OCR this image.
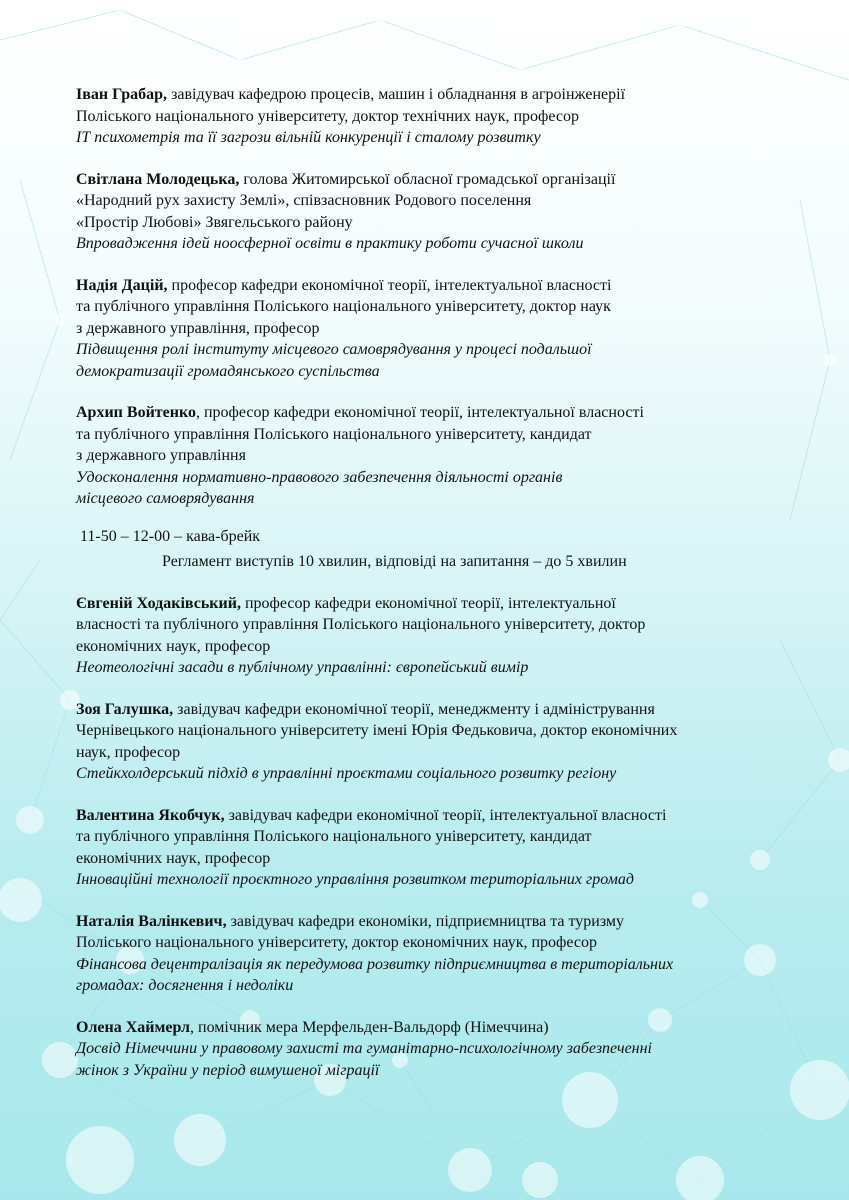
Іван Грабар, завідувач кафедрою процесів, машин і обладнання в агроінженерії
Поліського національного університету, доктор технічних наук, професор
ІТ психометрія та її загрози вільній конкуренції і сталому розвитку
Світлана Молодецька, голова Житомирської обласної громадської організації
«Народний рух захисту Землі», співзасновник Родового поселення
«Простір Любові» Звягельського району
Впровадження ідей ноосферної освіти в практику роботи сучасної школи
Надія Дацій, професор кафедри економічної теорії, інтелектуальної власності
та публічного управління Поліського національного університету, доктор наук
з державного управління, професор
Підвищення ролі інституту місцевого самоврядування у процесі подальшої
демократизації громадянського суспільства
Архип Войтенко, професор кафедри економічної теорії, інтелектуальної власності
та публічного управління Поліського національного університету, кандидат
з державного управління
Удосконалення нормативно-правового забезпечення діяльності органів
місцевого самоврядування
11-50 – 12-00 – кава-брейк
Регламент виступів 10 хвилин, відповіді на запитання – до 5 хвилин
Євгеній Ходаківський, професор кафедри економічної теорії, інтелектуальної
власності та публічного управління Поліського національного університету, доктор
економічних наук, професор
Неотеологічні засади в публічному управлінні: європейський вимір
Зоя Галушка, завідувач кафедри економічної теорії, менеджменту і адміністрування
Чернівецького національного університету імені Юрія Федьковича, доктор економічних
наук, професор
Стейкхолдерський підхід в управлінні проєктами соціального розвитку регіону
Валентина Якобчук, завідувач кафедри економічної теорії, інтелектуальної власності
та публічного управління Поліського національного університету, кандидат
економічних наук, професор
Інноваційні технології проєктного управління розвитком територіальних громад
Наталія Валінкевич, завідувач кафедри економіки, підприємництва та туризму
Поліського національного університету, доктор економічних наук, професор
Фінансова децентралізація як передумова розвитку підприємництва в територіальних
громадах: досягнення і недоліки
Олена Хаймерл, помічник мера Мерфельден-Вальдорф (Німеччина)
Досвід Німеччини у правовому захисті та гуманітарно-психологічному забезпеченні
жінок з України у період вимушеної міграції
